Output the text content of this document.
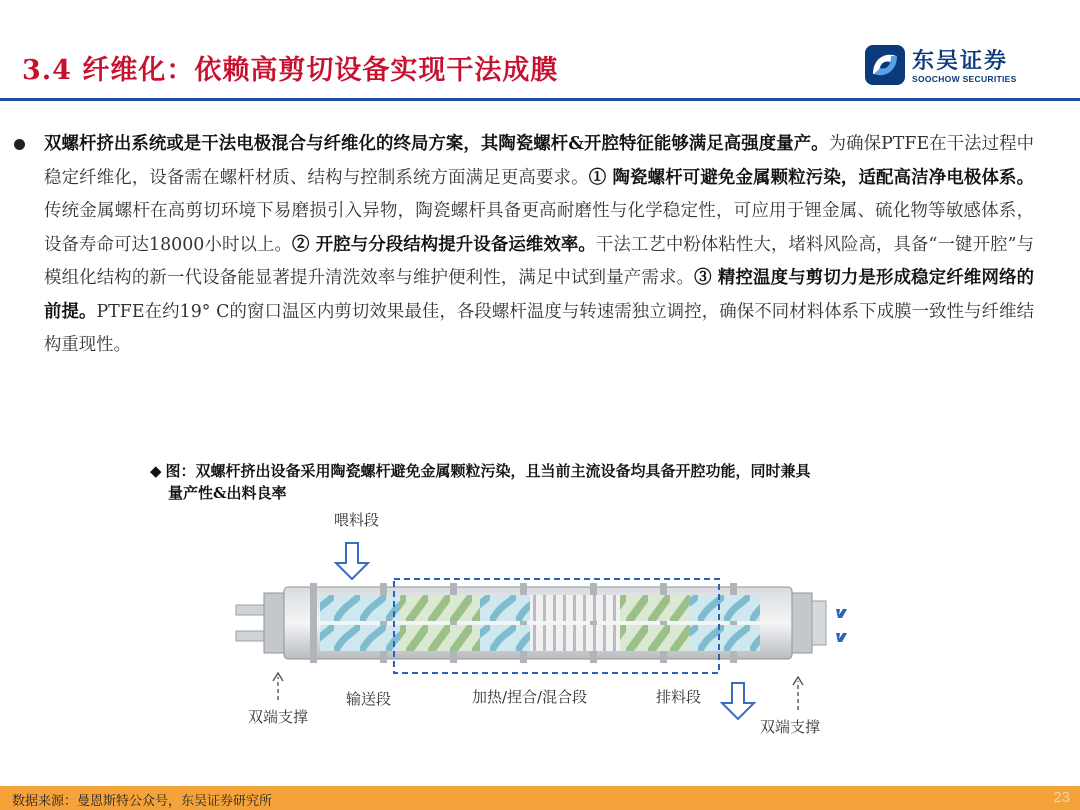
3.4 纤维化：依赖高剪切设备实现干法成膜	东吴证券
SOOCHOW SECURITIES
双螺杆挤出系统或是干法电极混合与纤维化的终局方案，其陶瓷螺杆&开腔特征能够满足高强度量产。为确保PTFE在干法过程中稳定纤维化，设备需在螺杆材质、结构与控制系统方面满足更高要求。① 陶瓷螺杆可避免金属颗粒污染，适配高洁净电极体系。传统金属螺杆在高剪切环境下易磨损引入异物，陶瓷螺杆具备更高耐磨性与化学稳定性，可应用于锂金属、硫化物等敏感体系，设备寿命可达18000小时以上。② 开腔与分段结构提升设备运维效率。干法工艺中粉体粘性大，堵料风险高，具备“一键开腔”与模组化结构的新一代设备能显著提升清洗效率与维护便利性，满足中试到量产需求。③ 精控温度与剪切力是形成稳定纤维网络的前提。PTFE在约19° C的窗口温区内剪切效果最佳，各段螺杆温度与转速需独立调控，确保不同材料体系下成膜一致性与纤维结构重现性。
◆ 图：双螺杆挤出设备采用陶瓷螺杆避免金属颗粒污染，且当前主流设备均具备开腔功能，同时兼具
量产性&出料良率
喂料段
输送段	加热/捏合/混合段	排料段
双端支撑
双端支撑
数据来源：曼恩斯特公众号，东吴证券研究所	23
